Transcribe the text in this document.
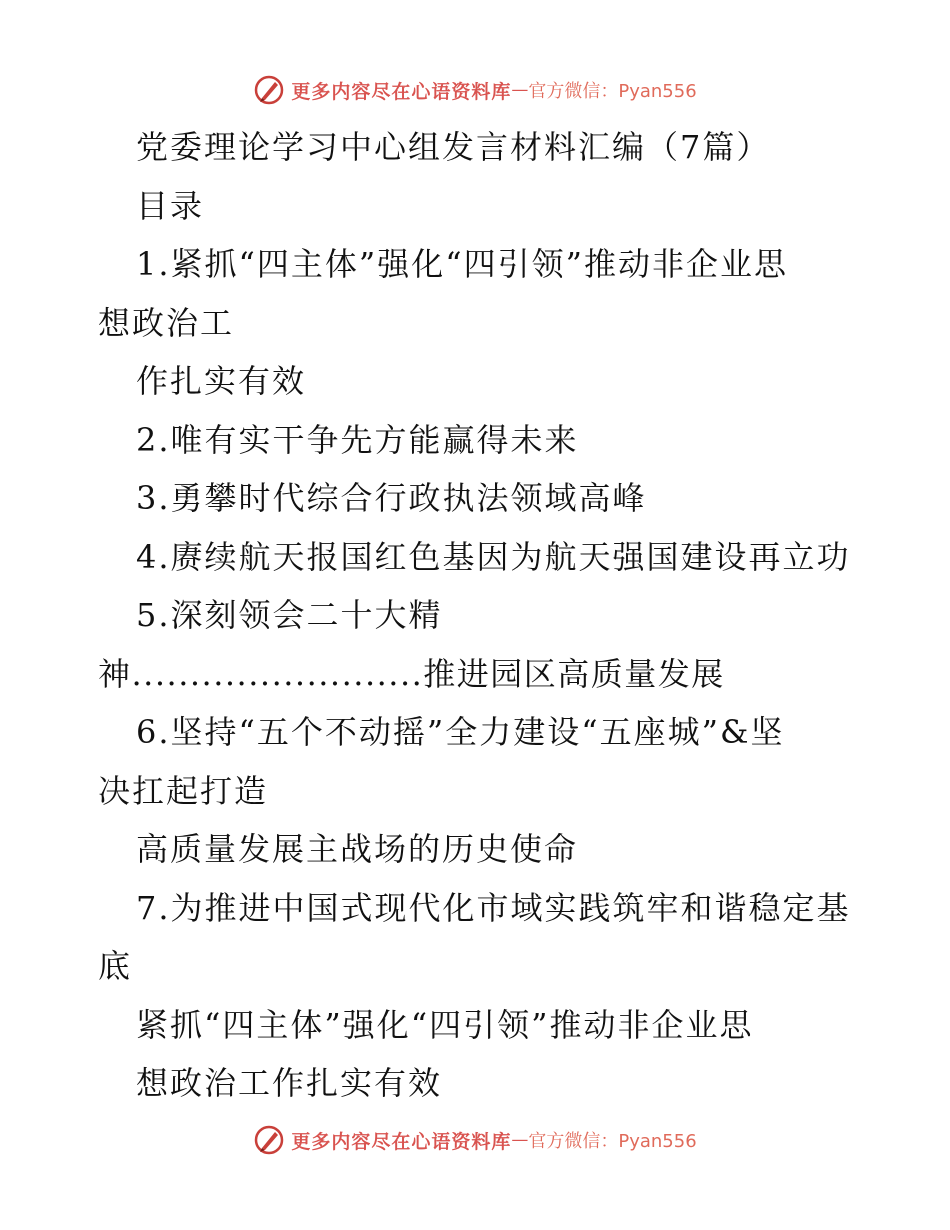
更多内容尽在心语资料库 — 官方微信：Pyan556
党委理论学习中心组发言材料汇编（7篇）
目录
1.紧抓“四主体”强化“四引领”推动非企业思
想政治工
作扎实有效
2.唯有实干争先方能赢得未来
3.勇攀时代综合行政执法领域高峰
4.赓续航天报国红色基因为航天强国建设再立功
5.深刻领会二十大精
神.........................推进园区高质量发展
6.坚持“五个不动摇”全力建设“五座城”&坚
决扛起打造
高质量发展主战场的历史使命
7.为推进中国式现代化市域实践筑牢和谐稳定基
底
紧抓“四主体”强化“四引领”推动非企业思
想政治工作扎实有效
更多内容尽在心语资料库 — 官方微信：Pyan556
